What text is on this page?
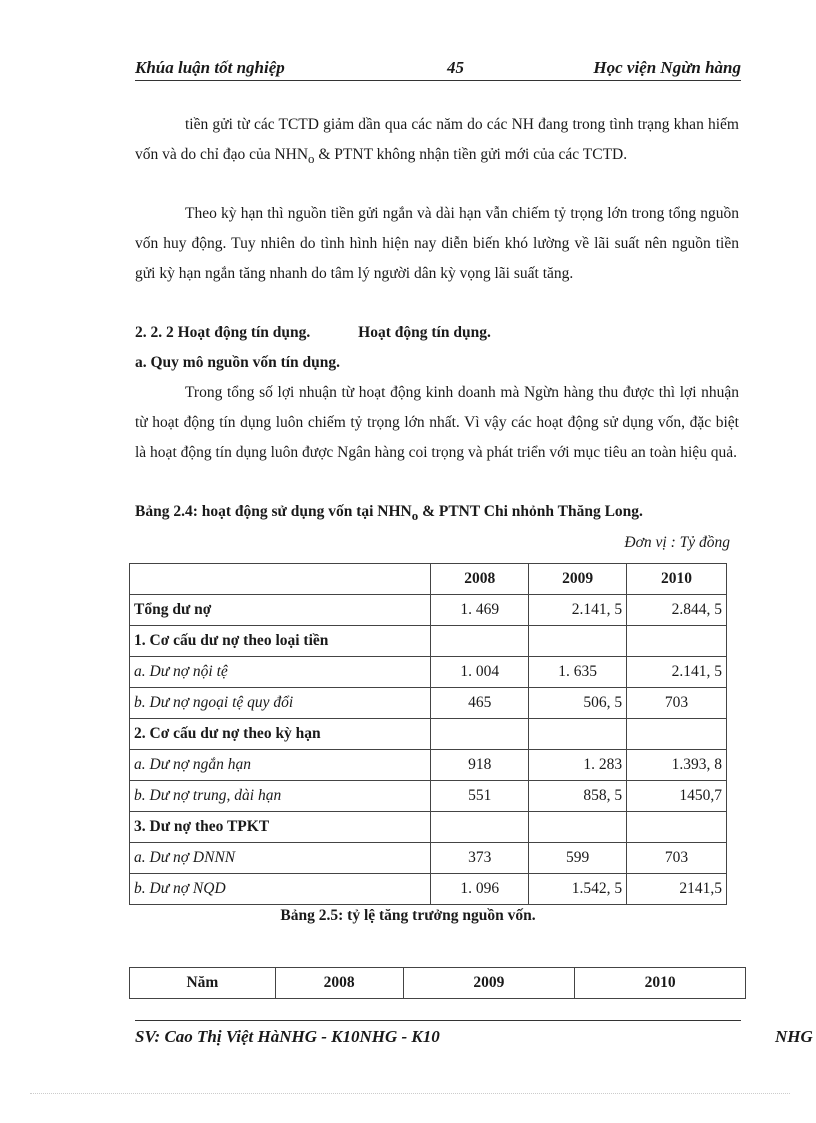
Khúa luận tốt nghiệp	45	Học viện Ngừn hàng

tiền gửi từ các TCTD giảm dần qua các năm do các NH đang trong tình trạng khan hiếm vốn và do chỉ đạo của $NHN_o$ & PTNT không nhận tiền gửi mới của các TCTD.

Theo kỳ hạn thì nguồn tiền gửi ngắn và dài hạn vẫn chiếm tỷ trọng lớn trong tổng nguồn vốn huy động. Tuy nhiên do tình hình hiện nay diễn biến khó lường về lãi suất nên nguồn tiền gửi kỳ hạn ngắn tăng nhanh do tâm lý người dân kỳ vọng lãi suất tăng.

2. 2. 2 Hoạt động tín dụng.	Hoạt động tín dụng.
a. Quy mô nguồn vốn tín dụng.

Trong tổng số lợi nhuận từ hoạt động kinh doanh mà Ngừn hàng thu được thì lợi nhuận từ hoạt động tín dụng luôn chiếm tỷ trọng lớn nhất. Vì vậy các hoạt động sử dụng vốn, đặc biệt là hoạt động tín dụng luôn được Ngân hàng coi trọng và phát triển với mục tiêu an toàn hiệu quả.

Bảng 2.4: hoạt động sử dụng vốn tại $NHN_o$ & PTNT Chi nhỏnh Thăng Long.
Đơn vị : Tỷ đồng
	2008	2009	2010
Tổng dư nợ	1. 469	2.141, 5	2.844, 5
1. Cơ cấu dư nợ theo loại tiền			
a. Dư nợ nội tệ	1. 004	1. 635	2.141, 5
b. Dư nợ ngoại tệ quy đổi	465	506, 5	703
2. Cơ cấu dư nợ theo kỳ hạn			
a. Dư nợ ngắn hạn	918	1. 283	1.393, 8
b. Dư nợ trung, dài hạn	551	858, 5	1450,7
3. Dư nợ theo TPKT			
a. Dư nợ DNNN	373	599	703
b. Dư nợ NQD	1. 096	1.542, 5	2141,5
Bảng 2.5: tỷ lệ tăng trưởng nguồn vốn.
Năm	2008	2009	2010
SV: Cao Thị Việt HàNHG - K10NHG - K10	NHG
